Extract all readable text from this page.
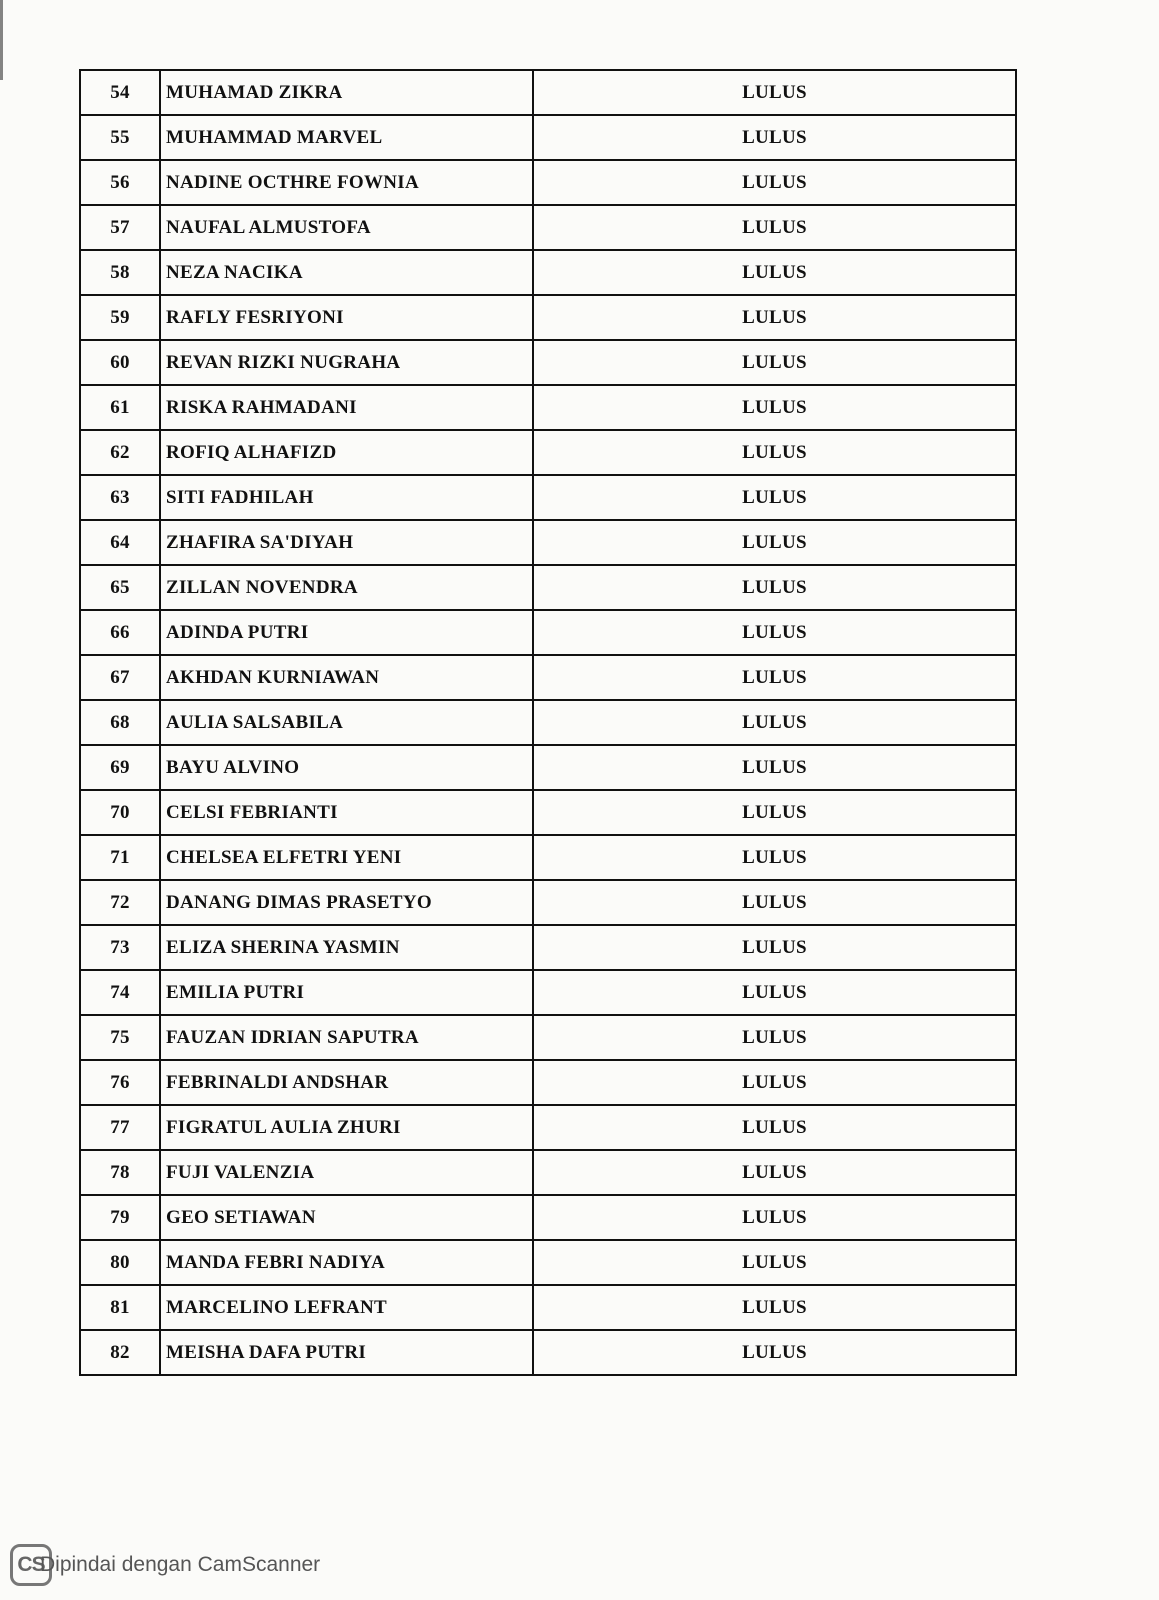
54	MUHAMAD ZIKRA	LULUS
55	MUHAMMAD MARVEL	LULUS
56	NADINE OCTHRE FOWNIA	LULUS
57	NAUFAL ALMUSTOFA	LULUS
58	NEZA NACIKA	LULUS
59	RAFLY FESRIYONI	LULUS
60	REVAN RIZKI NUGRAHA	LULUS
61	RISKA RAHMADANI	LULUS
62	ROFIQ ALHAFIZD	LULUS
63	SITI FADHILAH	LULUS
64	ZHAFIRA SA'DIYAH	LULUS
65	ZILLAN NOVENDRA	LULUS
66	ADINDA PUTRI	LULUS
67	AKHDAN KURNIAWAN	LULUS
68	AULIA SALSABILA	LULUS
69	BAYU ALVINO	LULUS
70	CELSI FEBRIANTI	LULUS
71	CHELSEA ELFETRI YENI	LULUS
72	DANANG DIMAS PRASETYO	LULUS
73	ELIZA SHERINA YASMIN	LULUS
74	EMILIA PUTRI	LULUS
75	FAUZAN IDRIAN SAPUTRA	LULUS
76	FEBRINALDI ANDSHAR	LULUS
77	FIGRATUL AULIA ZHURI	LULUS
78	FUJI VALENZIA	LULUS
79	GEO SETIAWAN	LULUS
80	MANDA FEBRI NADIYA	LULUS
81	MARCELINO LEFRANT	LULUS
82	MEISHA DAFA PUTRI	LULUS
CS
Dipindai dengan CamScanner
